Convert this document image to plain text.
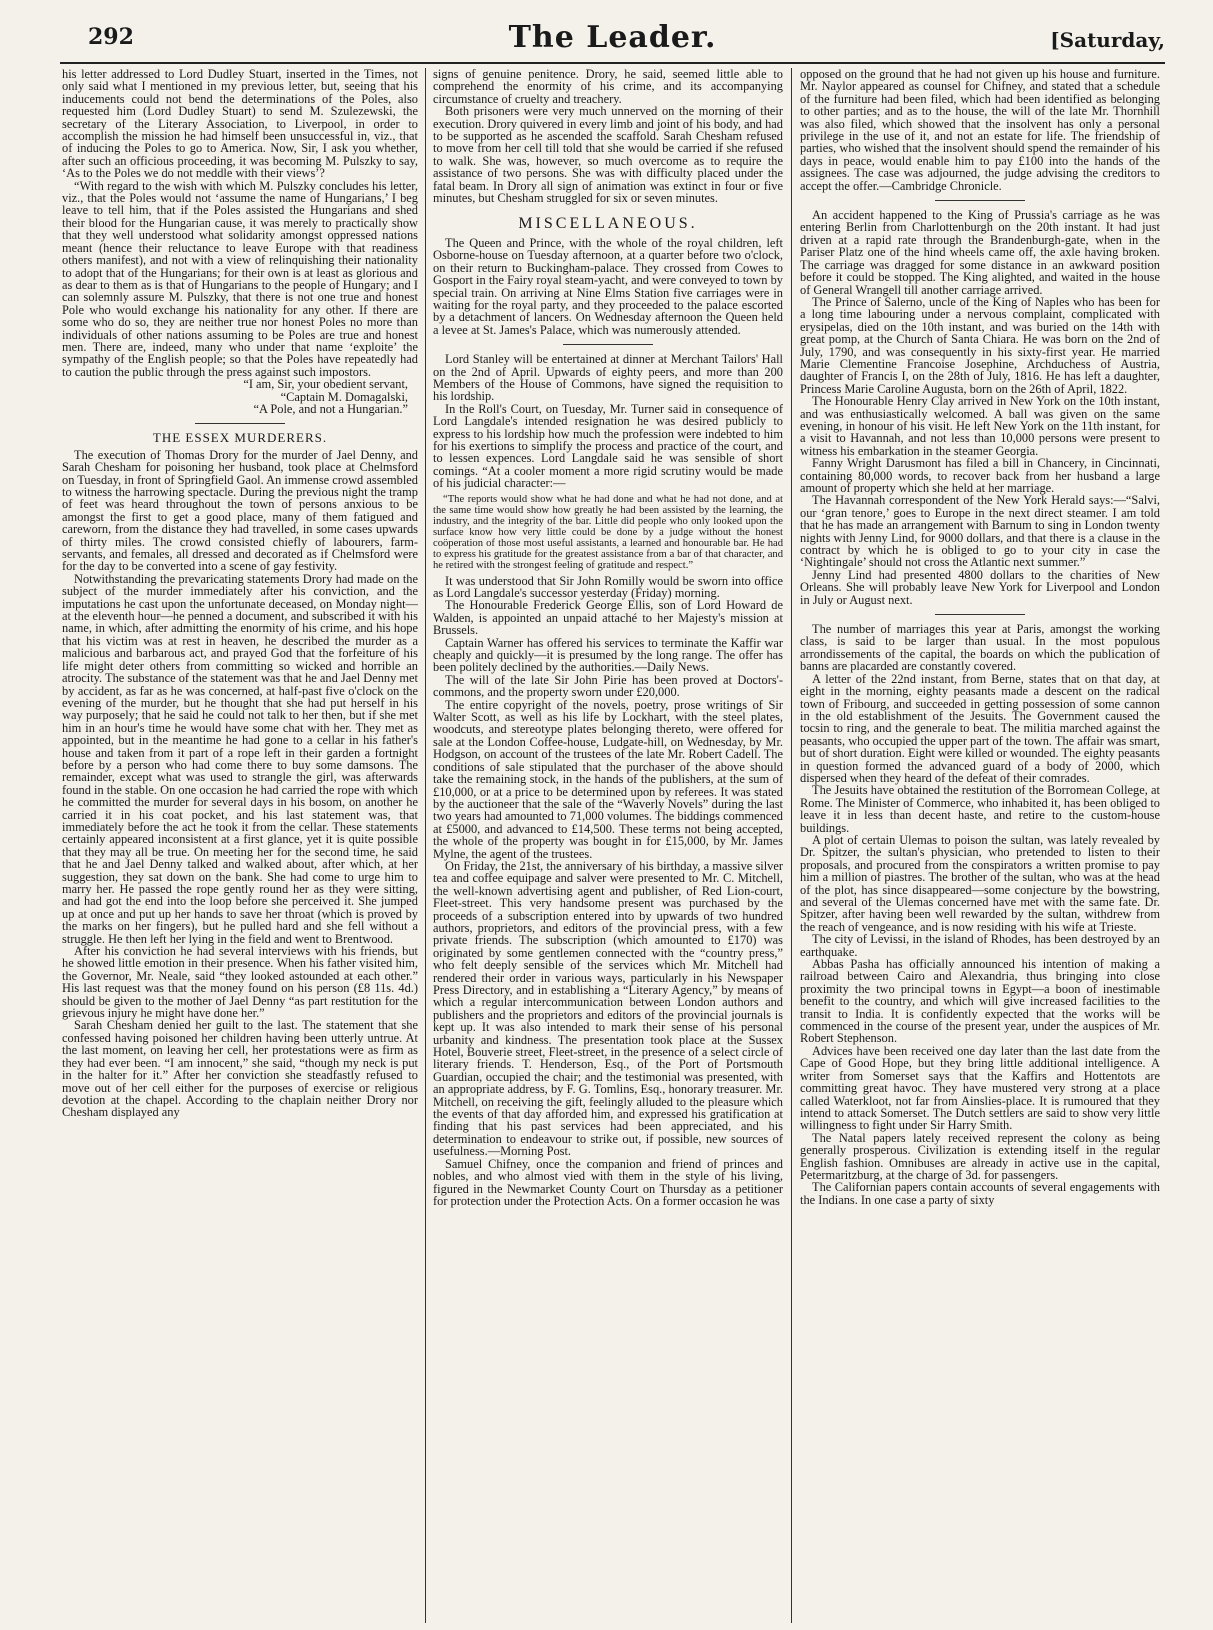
292	The Leader.	[Saturday,

his letter addressed to Lord Dudley Stuart, inserted in the Times, not only said what I mentioned in my previous letter, but, seeing that his inducements could not bend the determinations of the Poles, also requested him (Lord Dudley Stuart) to send M. Szulezewski, the secretary of the Literary Association, to Liverpool, in order to accomplish the mission he had himself been unsuccessful in, viz., that of inducing the Poles to go to America. Now, Sir, I ask you whether, after such an officious proceeding, it was becoming M. Pulszky to say, ‘As to the Poles we do not meddle with their views’?

“With regard to the wish with which M. Pulszky concludes his letter, viz., that the Poles would not ‘assume the name of Hungarians,’ I beg leave to tell him, that if the Poles assisted the Hungarians and shed their blood for the Hungarian cause, it was merely to practically show that they well understood what solidarity amongst oppressed nations meant (hence their reluctance to leave Europe with that readiness others manifest), and not with a view of relinquishing their nationality to adopt that of the Hungarians; for their own is at least as glorious and as dear to them as is that of Hungarians to the people of Hungary; and I can solemnly assure M. Pulszky, that there is not one true and honest Pole who would exchange his nationality for any other. If there are some who do so, they are neither true nor honest Poles no more than individuals of other nations assuming to be Poles are true and honest men. There are, indeed, many who under that name ‘exploite’ the sympathy of the English people; so that the Poles have repeatedly had to caution the public through the press against such impostors.

“I am, Sir, your obedient servant,

“Captain M. Domagalski,

“A Pole, and not a Hungarian.”

THE ESSEX MURDERERS.

The execution of Thomas Drory for the murder of Jael Denny, and Sarah Chesham for poisoning her husband, took place at Chelmsford on Tuesday, in front of Springfield Gaol. An immense crowd assembled to witness the harrowing spectacle. During the previous night the tramp of feet was heard throughout the town of persons anxious to be amongst the first to get a good place, many of them fatigued and careworn, from the distance they had travelled, in some cases upwards of thirty miles. The crowd consisted chiefly of labourers, farm-servants, and females, all dressed and decorated as if Chelmsford were for the day to be converted into a scene of gay festivity.

Notwithstanding the prevaricating statements Drory had made on the subject of the murder immediately after his conviction, and the imputations he cast upon the unfortunate deceased, on Monday night—at the eleventh hour—he penned a document, and subscribed it with his name, in which, after admitting the enormity of his crime, and his hope that his victim was at rest in heaven, he described the murder as a malicious and barbarous act, and prayed God that the forfeiture of his life might deter others from committing so wicked and horrible an atrocity. The substance of the statement was that he and Jael Denny met by accident, as far as he was concerned, at half-past five o'clock on the evening of the murder, but he thought that she had put herself in his way purposely; that he said he could not talk to her then, but if she met him in an hour's time he would have some chat with her. They met as appointed, but in the meantime he had gone to a cellar in his father's house and taken from it part of a rope left in their garden a fortnight before by a person who had come there to buy some damsons. The remainder, except what was used to strangle the girl, was afterwards found in the stable. On one occasion he had carried the rope with which he committed the murder for several days in his bosom, on another he carried it in his coat pocket, and his last statement was, that immediately before the act he took it from the cellar. These statements certainly appeared inconsistent at a first glance, yet it is quite possible that they may all be true. On meeting her for the second time, he said that he and Jael Denny talked and walked about, after which, at her suggestion, they sat down on the bank. She had come to urge him to marry her. He passed the rope gently round her as they were sitting, and had got the end into the loop before she perceived it. She jumped up at once and put up her hands to save her throat (which is proved by the marks on her fingers), but he pulled hard and she fell without a struggle. He then left her lying in the field and went to Brentwood.

After his conviction he had several interviews with his friends, but he showed little emotion in their presence. When his father visited him, the Governor, Mr. Neale, said “they looked astounded at each other.” His last request was that the money found on his person (£8 11s. 4d.) should be given to the mother of Jael Denny “as part restitution for the grievous injury he might have done her.”

Sarah Chesham denied her guilt to the last. The statement that she confessed having poisoned her children having been utterly untrue. At the last moment, on leaving her cell, her protestations were as firm as they had ever been. “I am innocent,” she said, “though my neck is put in the halter for it.” After her conviction she steadfastly refused to move out of her cell either for the purposes of exercise or religious devotion at the chapel. According to the chaplain neither Drory nor Chesham displayed any

signs of genuine penitence. Drory, he said, seemed little able to comprehend the enormity of his crime, and its accompanying circumstance of cruelty and treachery.

Both prisoners were very much unnerved on the morning of their execution. Drory quivered in every limb and joint of his body, and had to be supported as he ascended the scaffold. Sarah Chesham refused to move from her cell till told that she would be carried if she refused to walk. She was, however, so much overcome as to require the assistance of two persons. She was with difficulty placed under the fatal beam. In Drory all sign of animation was extinct in four or five minutes, but Chesham struggled for six or seven minutes.

MISCELLANEOUS.

The Queen and Prince, with the whole of the royal children, left Osborne-house on Tuesday afternoon, at a quarter before two o'clock, on their return to Buckingham-palace. They crossed from Cowes to Gosport in the Fairy royal steam-yacht, and were conveyed to town by special train. On arriving at Nine Elms Station five carriages were in waiting for the royal party, and they proceeded to the palace escorted by a detachment of lancers. On Wednesday afternoon the Queen held a levee at St. James's Palace, which was numerously attended.

Lord Stanley will be entertained at dinner at Merchant Tailors' Hall on the 2nd of April. Upwards of eighty peers, and more than 200 Members of the House of Commons, have signed the requisition to his lordship.

In the Roll's Court, on Tuesday, Mr. Turner said in consequence of Lord Langdale's intended resignation he was desired publicly to express to his lordship how much the profession were indebted to him for his exertions to simplify the process and practice of the court, and to lessen expences. Lord Langdale said he was sensible of short comings. “At a cooler moment a more rigid scrutiny would be made of his judicial character:—

“The reports would show what he had done and what he had not done, and at the same time would show how greatly he had been assisted by the learning, the industry, and the integrity of the bar. Little did people who only looked upon the surface know how very little could be done by a judge without the honest coöperation of those most useful assistants, a learned and honourable bar. He had to express his gratitude for the greatest assistance from a bar of that character, and he retired with the strongest feeling of gratitude and respect.”

It was understood that Sir John Romilly would be sworn into office as Lord Langdale's successor yesterday (Friday) morning.

The Honourable Frederick George Ellis, son of Lord Howard de Walden, is appointed an unpaid attaché to her Majesty's mission at Brussels.

Captain Warner has offered his services to terminate the Kaffir war cheaply and quickly—it is presumed by the long range. The offer has been politely declined by the authorities.—Daily News.

The will of the late Sir John Pirie has been proved at Doctors'-commons, and the property sworn under £20,000.

The entire copyright of the novels, poetry, prose writings of Sir Walter Scott, as well as his life by Lockhart, with the steel plates, woodcuts, and stereotype plates belonging thereto, were offered for sale at the London Coffee-house, Ludgate-hill, on Wednesday, by Mr. Hodgson, on account of the trustees of the late Mr. Robert Cadell. The conditions of sale stipulated that the purchaser of the above should take the remaining stock, in the hands of the publishers, at the sum of £10,000, or at a price to be determined upon by referees. It was stated by the auctioneer that the sale of the “Waverly Novels” during the last two years had amounted to 71,000 volumes. The biddings commenced at £5000, and advanced to £14,500. These terms not being accepted, the whole of the property was bought in for £15,000, by Mr. James Mylne, the agent of the trustees.

On Friday, the 21st, the anniversary of his birthday, a massive silver tea and coffee equipage and salver were presented to Mr. C. Mitchell, the well-known advertising agent and publisher, of Red Lion-court, Fleet-street. This very handsome present was purchased by the proceeds of a subscription entered into by upwards of two hundred authors, proprietors, and editors of the provincial press, with a few private friends. The subscription (which amounted to £170) was originated by some gentlemen connected with the “country press,” who felt deeply sensible of the services which Mr. Mitchell had rendered their order in various ways, particularly in his Newspaper Press Directory, and in establishing a “Literary Agency,” by means of which a regular intercommunication between London authors and publishers and the proprietors and editors of the provincial journals is kept up. It was also intended to mark their sense of his personal urbanity and kindness. The presentation took place at the Sussex Hotel, Bouverie street, Fleet-street, in the presence of a select circle of literary friends. T. Henderson, Esq., of the Port of Portsmouth Guardian, occupied the chair; and the testimonial was presented, with an appropriate address, by F. G. Tomlins, Esq., honorary treasurer. Mr. Mitchell, on receiving the gift, feelingly alluded to the pleasure which the events of that day afforded him, and expressed his gratification at finding that his past services had been appreciated, and his determination to endeavour to strike out, if possible, new sources of usefulness.—Morning Post.

Samuel Chifney, once the companion and friend of princes and nobles, and who almost vied with them in the style of his living, figured in the Newmarket County Court on Thursday as a petitioner for protection under the Protection Acts. On a former occasion he was

opposed on the ground that he had not given up his house and furniture. Mr. Naylor appeared as counsel for Chifney, and stated that a schedule of the furniture had been filed, which had been identified as belonging to other parties; and as to the house, the will of the late Mr. Thornhill was also filed, which showed that the insolvent has only a personal privilege in the use of it, and not an estate for life. The friendship of parties, who wished that the insolvent should spend the remainder of his days in peace, would enable him to pay £100 into the hands of the assignees. The case was adjourned, the judge advising the creditors to accept the offer.—Cambridge Chronicle.

An accident happened to the King of Prussia's carriage as he was entering Berlin from Charlottenburgh on the 20th instant. It had just driven at a rapid rate through the Brandenburgh-gate, when in the Pariser Platz one of the hind wheels came off, the axle having broken. The carriage was dragged for some distance in an awkward position before it could be stopped. The King alighted, and waited in the house of General Wrangell till another carriage arrived.

The Prince of Salerno, uncle of the King of Naples who has been for a long time labouring under a nervous complaint, complicated with erysipelas, died on the 10th instant, and was buried on the 14th with great pomp, at the Church of Santa Chiara. He was born on the 2nd of July, 1790, and was consequently in his sixty-first year. He married Marie Clementine Francoise Josephine, Archduchess of Austria, daughter of Francis I, on the 28th of July, 1816. He has left a daughter, Princess Marie Caroline Augusta, born on the 26th of April, 1822.

The Honourable Henry Clay arrived in New York on the 10th instant, and was enthusiastically welcomed. A ball was given on the same evening, in honour of his visit. He left New York on the 11th instant, for a visit to Havannah, and not less than 10,000 persons were present to witness his embarkation in the steamer Georgia.

Fanny Wright Darusmont has filed a bill in Chancery, in Cincinnati, containing 80,000 words, to recover back from her husband a large amount of property which she held at her marriage.

The Havannah correspondent of the New York Herald says:—“Salvi, our ‘gran tenore,’ goes to Europe in the next direct steamer. I am told that he has made an arrangement with Barnum to sing in London twenty nights with Jenny Lind, for 9000 dollars, and that there is a clause in the contract by which he is obliged to go to your city in case the ‘Nightingale’ should not cross the Atlantic next summer.”

Jenny Lind had presented 4800 dollars to the charities of New Orleans. She will probably leave New York for Liverpool and London in July or August next.

The number of marriages this year at Paris, amongst the working class, is said to be larger than usual. In the most populous arrondissements of the capital, the boards on which the publication of banns are placarded are constantly covered.

A letter of the 22nd instant, from Berne, states that on that day, at eight in the morning, eighty peasants made a descent on the radical town of Fribourg, and succeeded in getting possession of some cannon in the old establishment of the Jesuits. The Government caused the tocsin to ring, and the generale to beat. The militia marched against the peasants, who occupied the upper part of the town. The affair was smart, but of short duration. Eight were killed or wounded. The eighty peasants in question formed the advanced guard of a body of 2000, which dispersed when they heard of the defeat of their comrades.

The Jesuits have obtained the restitution of the Borromean College, at Rome. The Minister of Commerce, who inhabited it, has been obliged to leave it in less than decent haste, and retire to the custom-house buildings.

A plot of certain Ulemas to poison the sultan, was lately revealed by Dr. Spitzer, the sultan's physician, who pretended to listen to their proposals, and procured from the conspirators a written promise to pay him a million of piastres. The brother of the sultan, who was at the head of the plot, has since disappeared—some conjecture by the bowstring, and several of the Ulemas concerned have met with the same fate. Dr. Spitzer, after having been well rewarded by the sultan, withdrew from the reach of vengeance, and is now residing with his wife at Trieste.

The city of Levissi, in the island of Rhodes, has been destroyed by an earthquake.

Abbas Pasha has officially announced his intention of making a railroad between Cairo and Alexandria, thus bringing into close proximity the two principal towns in Egypt—a boon of inestimable benefit to the country, and which will give increased facilities to the transit to India. It is confidently expected that the works will be commenced in the course of the present year, under the auspices of Mr. Robert Stephenson.

Advices have been received one day later than the last date from the Cape of Good Hope, but they bring little additional intelligence. A writer from Somerset says that the Kaffirs and Hottentots are committing great havoc. They have mustered very strong at a place called Waterkloot, not far from Ainslies-place. It is rumoured that they intend to attack Somerset. The Dutch settlers are said to show very little willingness to fight under Sir Harry Smith.

The Natal papers lately received represent the colony as being generally prosperous. Civilization is extending itself in the regular English fashion. Omnibuses are already in active use in the capital, Petermaritzburg, at the charge of 3d. for passengers.

The Californian papers contain accounts of several engagements with the Indians. In one case a party of sixty
